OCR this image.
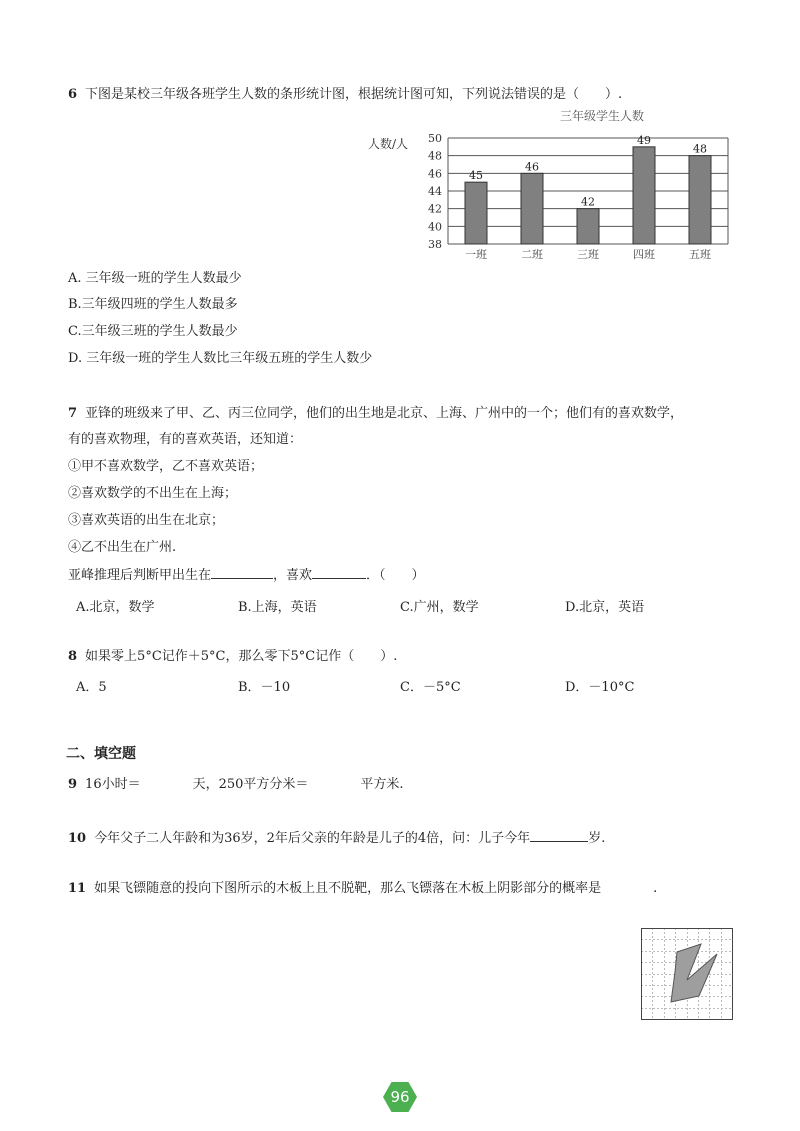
6 下图是某校三年级各班学生人数的条形统计图，根据统计图可知，下列说法错误的是（　　）.
三年级学生人数
人数/人
38
40
42
44
46
48
50
45
46
42
49
48
一班	二班	三班	四班	五班
A. 三年级一班的学生人数最少
B.三年级四班的学生人数最多
C.三年级三班的学生人数最少
D. 三年级一班的学生人数比三年级五班的学生人数少
7 亚锋的班级来了甲、乙、丙三位同学，他们的出生地是北京、上海、广州中的一个；他们有的喜欢数学，
有的喜欢物理，有的喜欢英语，还知道：
①甲不喜欢数学，乙不喜欢英语；
②喜欢数学的不出生在上海；
③喜欢英语的出生在北京；
④乙不出生在广州.
亚峰推理后判断甲出生在	，喜欢	．（　　）
A.北京，数学	B.上海，英语	C.广州，数学	D.北京，英语
8 如果零上5°C记作＋5°C，那么零下5°C记作（　　）.
A．5	B．－10	C．－5°C	D．－10°C
二、填空题
9 16小时＝	天，250平方分米＝	平方米.
10 今年父子二人年龄和为36岁，2年后父亲的年龄是儿子的4倍，问：儿子今年	岁.
11 如果飞镖随意的投向下图所示的木板上且不脱靶，那么飞镖落在木板上阴影部分的概率是	.
96
